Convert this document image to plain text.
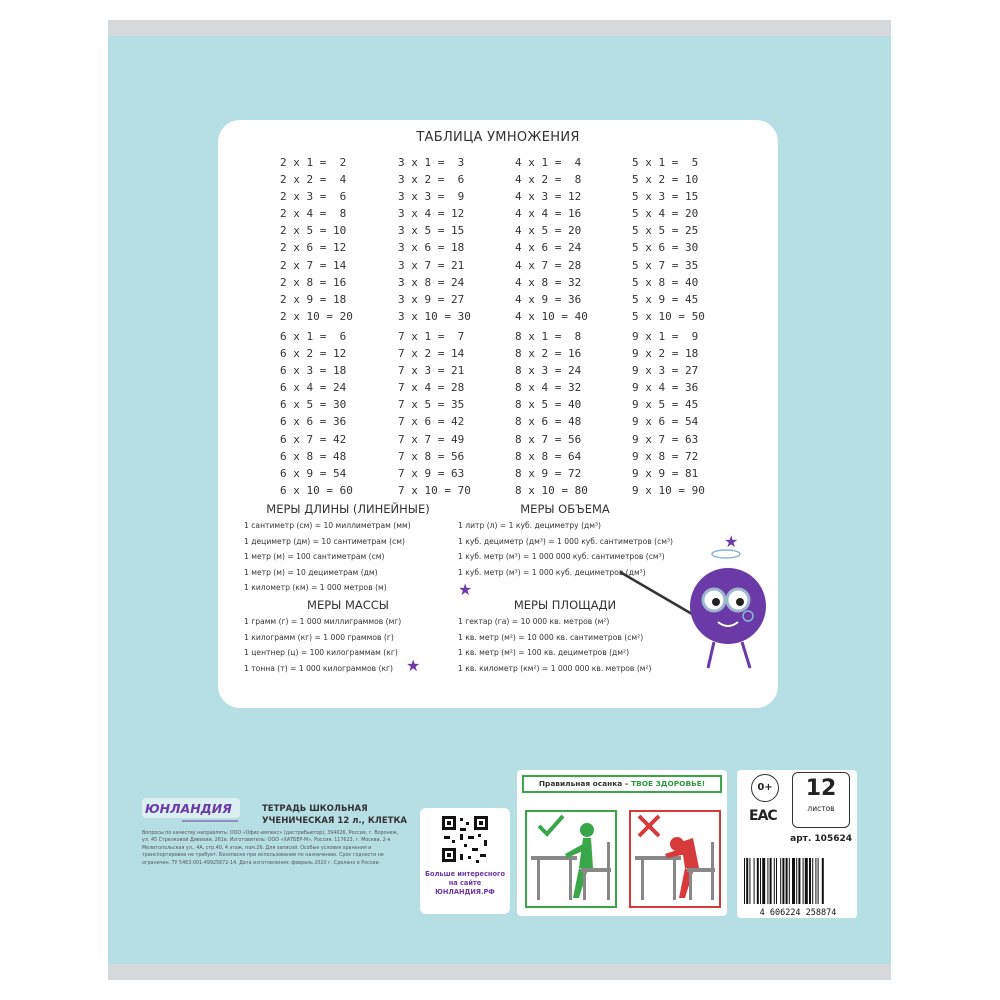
ТАБЛИЦА УМНОЖЕНИЯ
2 x 1 =  2
2 x 2 =  4
2 x 3 =  6
2 x 4 =  8
2 x 5 = 10
2 x 6 = 12
2 x 7 = 14
2 x 8 = 16
2 x 9 = 18
2 x 10 = 20
3 x 1 =  3
3 x 2 =  6
3 x 3 =  9
3 x 4 = 12
3 x 5 = 15
3 x 6 = 18
3 x 7 = 21
3 x 8 = 24
3 x 9 = 27
3 x 10 = 30
4 x 1 =  4
4 x 2 =  8
4 x 3 = 12
4 x 4 = 16
4 x 5 = 20
4 x 6 = 24
4 x 7 = 28
4 x 8 = 32
4 x 9 = 36
4 x 10 = 40
5 x 1 =  5
5 x 2 = 10
5 x 3 = 15
5 x 4 = 20
5 x 5 = 25
5 x 6 = 30
5 x 7 = 35
5 x 8 = 40
5 x 9 = 45
5 x 10 = 50
6 x 1 =  6
6 x 2 = 12
6 x 3 = 18
6 x 4 = 24
6 x 5 = 30
6 x 6 = 36
6 x 7 = 42
6 x 8 = 48
6 x 9 = 54
6 x 10 = 60
7 x 1 =  7
7 x 2 = 14
7 x 3 = 21
7 x 4 = 28
7 x 5 = 35
7 x 6 = 42
7 x 7 = 49
7 x 8 = 56
7 x 9 = 63
7 x 10 = 70
8 x 1 =  8
8 x 2 = 16
8 x 3 = 24
8 x 4 = 32
8 x 5 = 40
8 x 6 = 48
8 x 7 = 56
8 x 8 = 64
8 x 9 = 72
8 x 10 = 80
9 x 1 =  9
9 x 2 = 18
9 x 3 = 27
9 x 4 = 36
9 x 5 = 45
9 x 6 = 54
9 x 7 = 63
9 x 8 = 72
9 x 9 = 81
9 x 10 = 90
МЕРЫ ДЛИНЫ (ЛИНЕЙНЫЕ)
1 сантиметр (см) = 10 миллиметрам (мм)
1 дециметр (дм) = 10 сантиметрам (см)
1 метр (м) = 100 сантиметрам (см)
1 метр (м) = 10 дециметрам (дм)
1 километр (км) = 1 000 метров (м)
МЕРЫ ОБЪЕМА
1 литр (л) = 1 куб. дециметру (дм³)
1 куб. дециметр (дм³) = 1 000 куб. сантиметров (см³)
1 куб. метр (м³) = 1 000 000 куб. сантиметров (см³)
1 куб. метр (м³) = 1 000 куб. дециметров (дм³)
МЕРЫ МАССЫ
1 грамм (г) = 1 000 миллиграммов (мг)
1 килограмм (кг) = 1 000 граммов (г)
1 центнер (ц) = 100 килограммам (кг)
1 тонна (т) = 1 000 килограммов (кг)
МЕРЫ ПЛОЩАДИ
1 гектар (га) = 10 000 кв. метров (м²)
1 кв. метр (м²) = 10 000 кв. сантиметров (см²)
1 кв. метр (м²) = 100 кв. дециметров (дм²)
1 кв. километр (км²) = 1 000 000 кв. метров (м²)
★
★
★
ЮНЛАНДИЯ	ТЕТРАДЬ ШКОЛЬНАЯ
УЧЕНИЧЕСКАЯ 12 л., КЛЕТКА
Вопросы по качеству направлять: ООО «Офис-импекс» (дистрибьютор), 394026, Россия, г. Воронеж, ул. 45 Стрелковой Дивизии, 261в. Изготовитель: ООО «ХАТБЕР-М», Россия, 117623, г. Москва, 2-я Мелитопольская ул., 4А, стр.40, 4 этаж, пом.26. Для записей. Особые условия хранения и транспортировки не требует. Безопасно при использовании по назначению. Срок годности не ограничен. ТУ 5463-001-49925672-14. Дата изготовления: февраль 2020 г. Сделано в России.
Больше интересного
на сайте
ЮНЛАНДИЯ.РФ
Правильная осанка – ТВОЕ ЗДОРОВЬЕ!	0+
EAC
12
листов
арт. 105624
4 606224 258874
